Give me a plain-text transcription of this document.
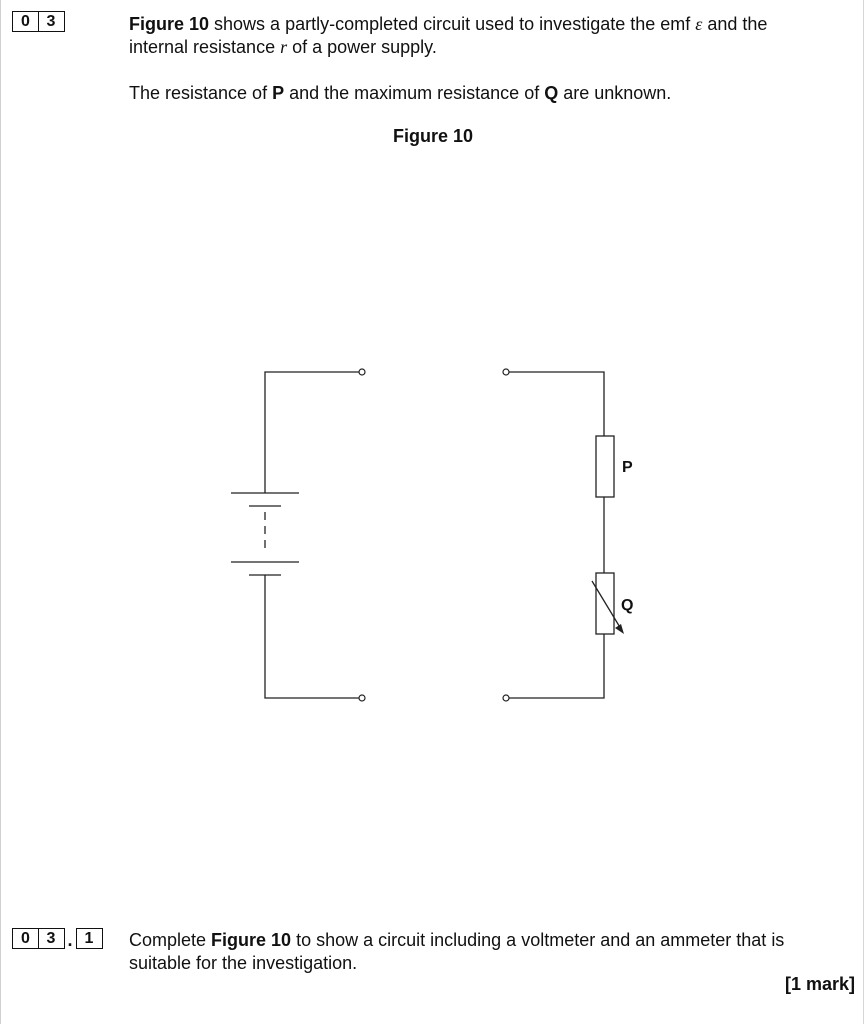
0	3	Figure 10 shows a partly-completed circuit used to investigate the emf ε and the
internal resistance r of a power supply.

The resistance of P and the maximum resistance of Q are unknown.

Figure 10
P
Q
0	3 . 1	Complete Figure 10 to show a circuit including a voltmeter and an ammeter that is
suitable for the investigation.

[1 mark]
